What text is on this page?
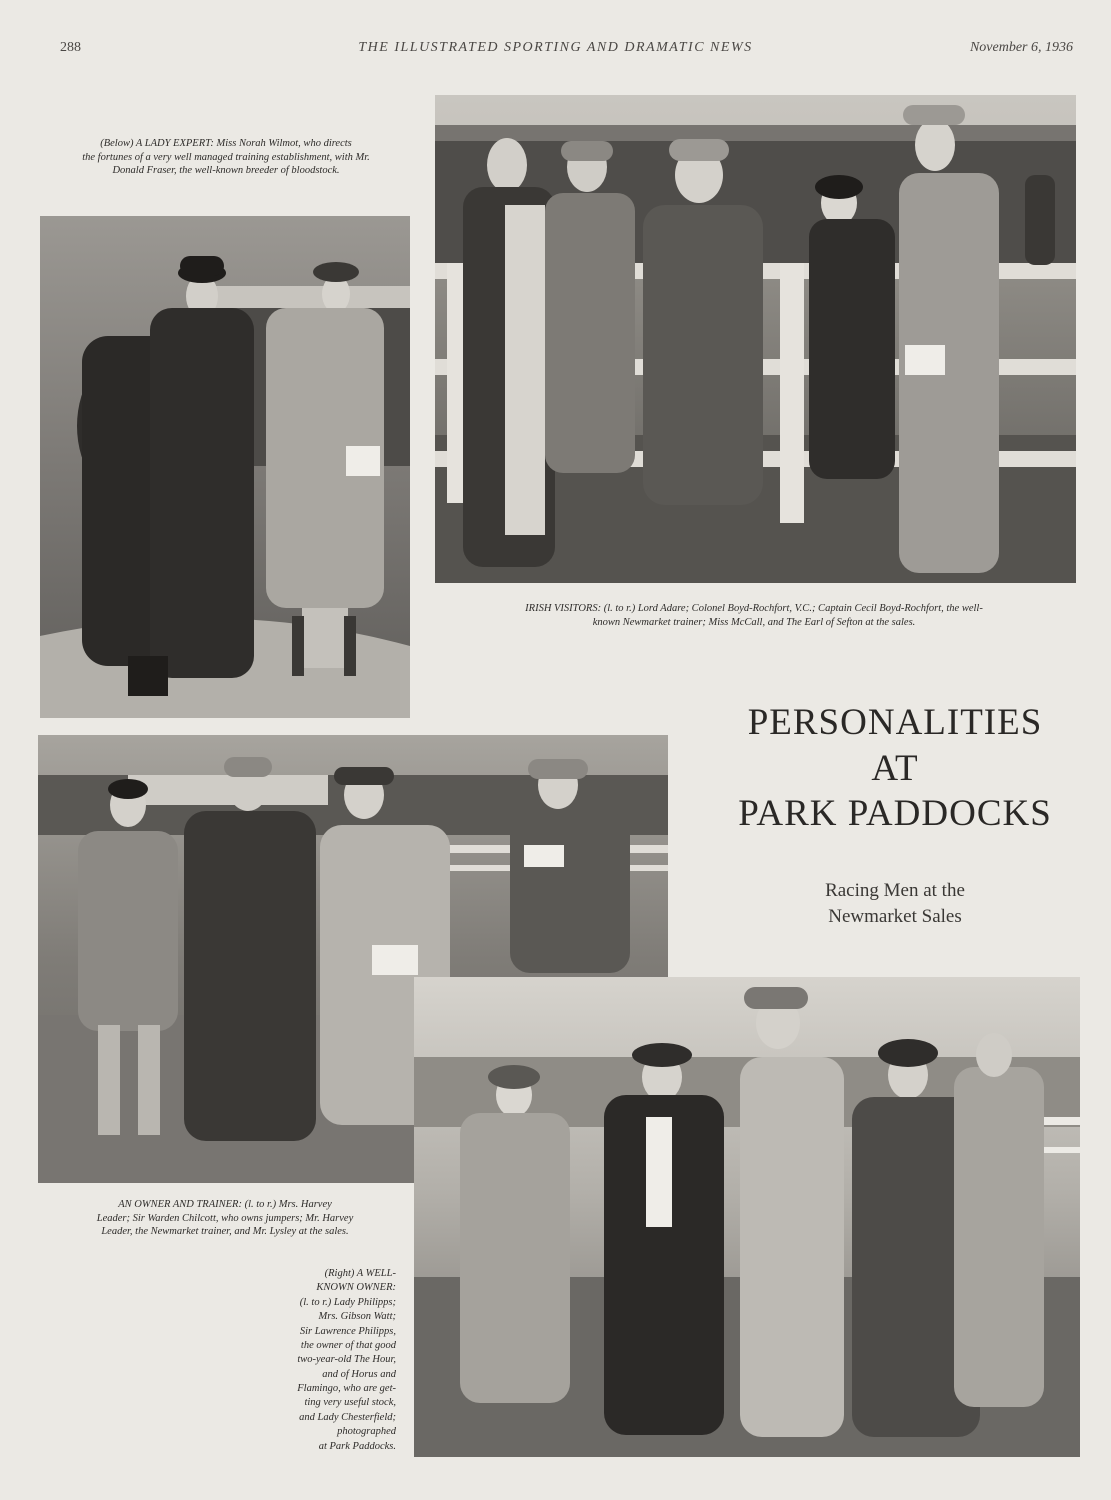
288	THE ILLUSTRATED SPORTING AND DRAMATIC NEWS	November 6, 1936
(Below) A LADY EXPERT: Miss Norah Wilmot, who directs
the fortunes of a very well managed training establishment, with Mr.
Donald Fraser, the well-known breeder of bloodstock.
IRISH VISITORS: (l. to r.) Lord Adare; Colonel Boyd-Rochfort, V.C.; Captain Cecil Boyd-Rochfort, the well-
known Newmarket trainer; Miss McCall, and The Earl of Sefton at the sales.
PERSONALITIES
AT
PARK PADDOCKS
Racing Men at the
Newmarket Sales
AN OWNER AND TRAINER: (l. to r.) Mrs. Harvey
Leader; Sir Warden Chilcott, who owns jumpers; Mr. Harvey
Leader, the Newmarket trainer, and Mr. Lysley at the sales.
(Right) A WELL-
KNOWN OWNER:
(l. to r.) Lady Philipps;
Mrs. Gibson Watt;
Sir Lawrence Philipps,
the owner of that good
two-year-old The Hour,
and of Horus and
Flamingo, who are get-
ting very useful stock,
and Lady Chesterfield;
photographed
at Park Paddocks.
